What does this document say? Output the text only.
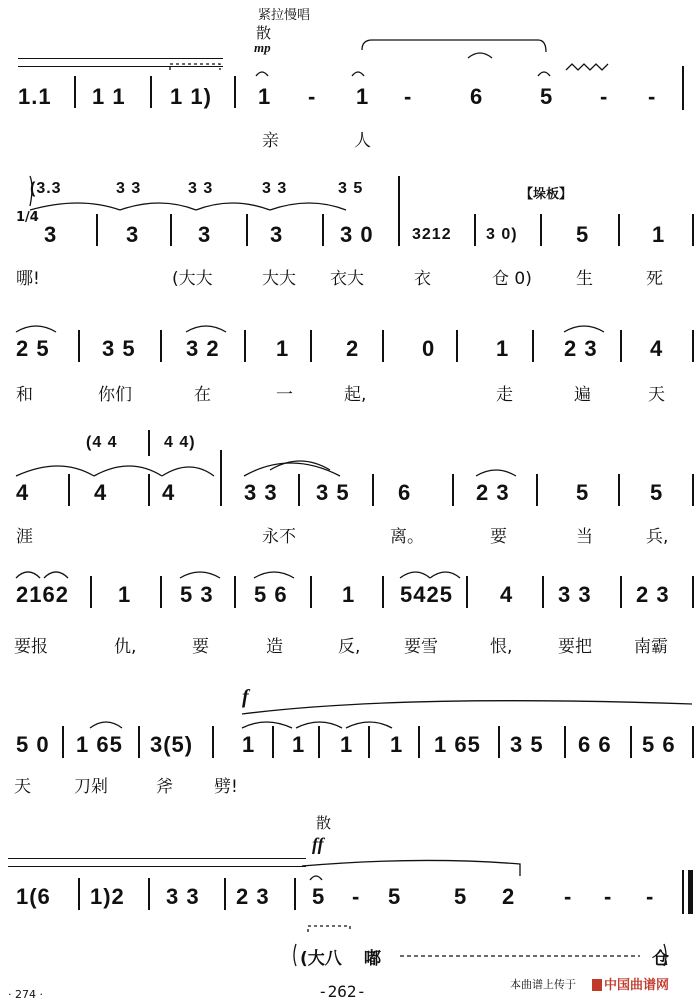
紧拉慢唱
散
mp
1.1 1 1 1 1) 1 - 1 -	6	5 - -
亲	人
(3.3	3 3	3 3	3 3	3 5	【垛板】
1/4
3	3	3	3	3 0 3212 3 0)	5	1
哪!	(大大	大大 衣大	衣	仓 0)	生	死
2 5 3 5 3 2	1	2	0	1 2 3 4
和	你们	在	一	起,	走	遍	天
(4 4	4 4)
4	4 4	3 3 3 5 6	2 3	5	5
涯	永不	离。	要	当	兵,
2162 1 5 3 5 6 1 5425 4 3 3 2 3
要报	仇,	要	造	反,	要雪	恨,	要把 南霸
f
5 0 1 65 3(5) 1 1 1 1 1 65 3 5 6 6 5 6
天	刀剁	斧 劈!
散
ff
1(6 1)2 3 3 2 3 5 - 5 5 2 - - -
(大八 嘟	仓
本曲谱上传于	中国曲谱网
-262-
· 274 ·
